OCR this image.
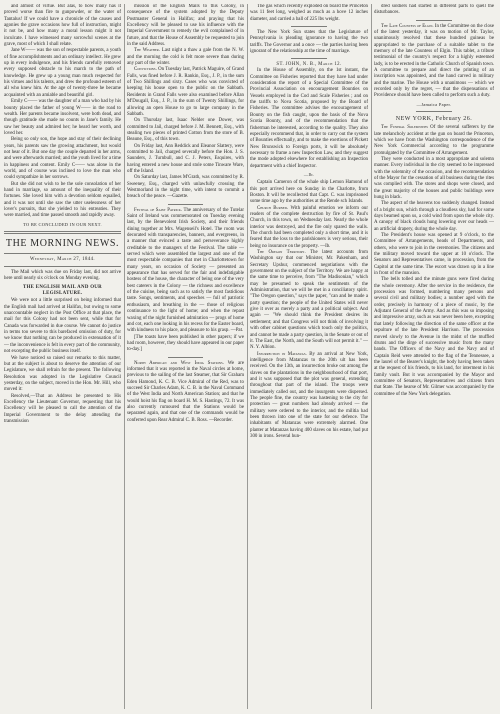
and almost of virtue. But alas, to how many has it proved worse than fire to gunpowder, or the water of Tantalus! If we could have a chronicle of the causes and agonies the grave occasions how full of instruction, might it not be, and how many a moral lesson might it not inculcate. I have witnessed many sorrowful scenes at the grave, most of which I shall relate.

Jane W—— was the son of respectable parents, a youth of fine accomplishments and an ordinary intellect. He grew up in every indulgence, and his friends carefully removed every supposed obstacle to his march to the path of knowledge. He grew up a young man much respected for his virtues and his talents, and drew the profound esteem of all who knew him. At the age of twenty-three he became acquainted with an amiable and beautiful girl.

Emily C—— was the daughter of a man who had by his bounty placed the father of young W—— in the road to wealth. Her parents became insolvent, were both dead, and though gratitude she made no counts in Jane's family. He saw her beauty and admired her; he heard her worth, and loved her.

Being so only son, the hope and stay of their declining years, his parents saw the growing attachment, but would not hear of it. But one day the couple departed in her arms, and were afterwards married; and the youth lived for a time in happiness and content. Emily C—— was alone in the world, and of course was inclined to love the man who could sympathize in her sorrows.

But she did not wish to be the sole consolation of her hand in marriage, so amount of the inequality of their fortunes. She loved him with a devotion seldom equalled, and it was not until she saw the utter uselessness of her lover's pursuits, that she yielded to his entreaties. They were married, and time passed smooth and rapidly away.

TO BE CONCLUDED IN OUR NEXT.
THE MORNING NEWS.
Wednesday, March 27, 1844.

The Mail which was due on Friday last, did not arrive here until nearly six o'clock on Monday evening.

THE ENGLISH MAIL AND OUR LEGISLATURE.

We were not a little surprised on being informed that the English mail had arrived at Halifax, but owing to some unaccountable neglect in the Post Office at that place, the mail for this Colony had not been sent, while that for Canada was forwarded in due course. We cannot do justice in terms too severe to this barefaced omission of duty, for we know that nothing can be produced in extenuation of it — the inconvenience is felt in every part of the community, not excepting the public business itself.

We have noticed so raised our remarks to this matter, but at the subject is about to deserve the attention of our Legislature, we shall refrain for the present. The following Resolution was adopted in the Legislative Council yesterday, on the subject, moved in the Hon. Mr. Hill, who moved it:

Resolved,—That an Address be presented to His Excellency the Lieutenant Governor, requesting that his Excellency will be pleased to call the attention of the Imperial Government to the delay attending the transmission

mission of the English Mails to this Colony, in consequence of the system adopted by the Deputy Postmaster General in Halifax; and praying that his Excellency will be pleased to use his influence with the Imperial Government to remedy the evil complained of in future, and that the House of Assembly be requested to join in the said Address.

The Weather. Last night a thaw a gale from the N. W. and the morning the cold is felt more severe than during any part of the winter.

Convictions. On Tuesday last, Patrick Maguire, of Grand Falls, was fined before J. R. Rankin, Esq., J. P., in the sum of Two Shillings and sixty. Cases who was convicted of keeping his house open to the public on the Sabbath. Residents in Grand Falls were also examined before Allan M'Dougall, Esq., J. P., in the sum of Twenty Shillings, for allowing an open House to go to large company in the Sabbath.

On Thursday last, Isaac Nelder one Dower, was committed to Jail, charged before J. M. Bennett, Esq., with stealing two pieces of printed Cotton from the store of B. Beaune, Esq., of this town.

On Friday last, Ann Reddick and Eleanor Slattery, were committed to Jail, charged severally before the Hon. J. S. Saunders, J. Turnbull, and C. J. Peters, Esquires, with having entered a new house and stole some Tinware Ware, off the Island.

On Saturday last, James M'Grath, was committed by R. Sweeney, Esq., charged with unlawfully crossing the Westmorland in the night time, with intent to commit a breach of the peace. —Gazette.

Festival of Saint Patrick. The anniversary of the Tutelar Saint of Ireland was commemorated on Tuesday evening last, by the Benevolent Irish Society, and their friends dining together at Mrs. Wagenseil's Hotel. The room was decorated with transparencies, banners, and evergreens, in a manner that evinced a taste and perseverance highly creditable to the managers of the Festival. The table — served which were assembled the largest and one of the most respectable companies that met in Charlottetown for many years, on occasion of Society — presented an appearance that has served for the fair and indefatigable hostess of the house, the character of being one of the very best caterers in the Colony — the richness and excellence of the cuisine, being such as to satisfy the most fastidious taste. Songs, sentiments, and speeches — full of patriotic enthusiasm, and breathing in the — those of religious continuance to the light of home; and when the repast waxing of the night furnished admiration — progs of home and cot, each one looking in his recess for the Easter board, with kindness to his place, and pleasure to his grasp. —Pat.

[The toasts have been published in other papers; if we had room, however, they should have appeared in our paper to-day.]

North American and West India Stations. We are informed that it was reported in the Naval circles at home, previous to the sailing of the last Steamer, that Sir Graham Eden Hamond, K. C. B. Vice Admiral of the Red, was to succeed Sir Charles Adam, K. C. B. in the Naval Command of the West India and North American Station; and that he would hoist his flag on board H. M. S. Hastings, 72. It was also currently rumoured that the Stations would be separated again, and that one of the commands would be conferred upon Rear Admiral C. B. Ross. —Recorder.

The gas which recently exploded on board the Princeton was 11 feet long, weighed as much as a hove 12 inches diameter, and carried a ball of 225 lbs weight.

The New York Sun states that the Legislature of Pennsylvania is pleading ignorance to having the two tariffs. The Governor and a once — the parties having been ignorant of the relationship at the time of marriage.

ST. JOHN, N. B., March 12.

In the House of Assembly, on the 1st instant, the Committee on Fisheries reported that they have had under consideration the report of a Special Committee of the Provincial Association on encouragement Bounties on Vessels employed in the Cod and Scale Fisheries ; and on the tariffs to Nova Scotia, proposed by the Board of Fisheries. The committee advises the encouragement of Bounty on the fish caught, upon the basis of the Nova Scotia Bounty, and of the recommendation that the fisherman be interested, according to the quality. They also especially recommend that, in order to carry out the system of Bounties effectually, and to make the exertions of Pickett New Brunswick to Foreign ports, it will be absolutely necessary to frame a new Inspection Law, and they suggest the mode adopted elsewhere for establishing an Inspection department with a chief Inspector.

—Ib.

Captain Cameron of the whale ship Lemon Hamond of this port arrived here on Sunday in the Charlotte, from Boston. It will be recollected that Capt. C. was imprisoned some time ago by the authorities at the Rende sch Islands.

Church Burned. With painful emotion we inform our readers of the complete destruction by fire of St. Paul's Church, in this town, on Wednesday last. Nearly the whole interior was destroyed, and the fire only spared the walls. The church had been completed only a short time, and it is feared that the loss to the parishioners is very serious, their being no insurance on the property. —Ib.

The Oregon Territory. The latest accounts from Washington say that our Minister, Mr. Pakenham, and Secretary Upshur, commenced negotiations with the government on the subject of the Territory. We are happy at the same time to perceive, from "The Madisonian," which may be presumed to speak the sentiments of the Administration, that we will be met in a conciliatory spirit. "The Oregon question," says the paper, "can and be made a party question; the people of the United States will never give it over as merely a party and a political subject. And again — "We should think the President desires its settlement; and that Congress will not think of involving it with other cabinet questions which touch only the politics, and cannot be made a party question, in the Senate or out of it. The East, the North, and the South will not permit it." —N. Y. Albion.

Insurrection in Matanzas. By an arrival at New York, intelligence from Matanzas to the 20th ult has been received. On the 13th, an insurrection broke out among the slaves on the plantations in the neighbourhood of that port, and it was supposed that the plot was general, extending throughout that part of the island. The troops were immediately called out, and the insurgents were dispersed. The people fine, the country was hastening to the city for protection — great numbers had already arrived — the military were ordered to the interior, and the militia had been thrown into one of the state for our defence. The inhabitants of Matanzas were extremely alarmed. One planter at Matanzas having 400 slaves on his estate, had put 300 in irons. Several hun-

dred soldiers had started in different parts to quell the disturbances.

The Late Countess of Elgin. In the Committee on the close of the latest yesterday, it was on motion of Mr. Taylor, unanimously resolved that these hundred guineas be appropriated to the purchase of a suitable tablet to the memory of the late Countess of Elgin. This tablet, a tribute testimonial of the country's respect for a highly esteemed lady, is to be erected in the Catholic Church of Spanish town. A committee to prepare and direct the printing of an inscription was appointed, and the hand carved in military and the marine. The House with a unanimous — which we recorded only by the regret, — that the dispensations of Providence should have been called to perform such a duty.

—Jamaica Paper.
NEW YORK, February 26.

The Funeral Solemnities Of the several sufferers by the late melancholy accident at the gun on board the Princeton, which we have from the Washington correspondence of the New York Commercial according to the programme promulgated by the Committee of Arrangement.

They were conducted in a most appropriate and solemn manner. Every individual in the city seemed to be impressed with the solemnity of the occasion, and the recommendation of the Mayor for the cessation of all business during the rites was complied with. The stores and shops were closed, and the great majority of the houses and public buildings were hung in black.

The aspect of the heavens too suddenly changed. Instead of a bright sun, which through a cloudless sky, had for some days beamed upon us, a cold wind from upon the whole city. A canopy of black clouds hung lowering over our heads — an artificial drapery, during the whole day.

The President's house was opened at 9 o'clock, to the Committee of Arrangements, heads of Departments, and others, who were to join in the ceremonies. The citizens and the military moved toward the upper at 10 o'clock. The Senators and Representatives came, in procession, from the Capitol at the same time. The escort was drawn up in a line in front of the mansion.

The bells tolled and the minute guns were fired during the whole ceremony. After the service in the residence, the procession was formed, numbering many persons and several civil and military bodies; a number aged with the order, precisely in harmony of a piece of music, by the Adjutant General of the Army. And as this was so imposing and impressive array, such as was never been here, excepting that lately following the direction of the same officer at the sepulture of the late President Harrison. The procession moved slowly to the Avenue in the midst of the muffled drums and the dirge of successive music from the many bands. The Officers of the Navy and the Navy and of Captain Reid were attended to the flag of the Tennessee, a the laurel of the Bearer's knight, the body having been taken at the request of his friends, to his land, for interment in his family vault. But it was accompanied by the Mayor and committee of Senators, Representatives and citizens from that State. The hearse of Mr. Gilmer was accompanied by the committee of the New York delegation.
